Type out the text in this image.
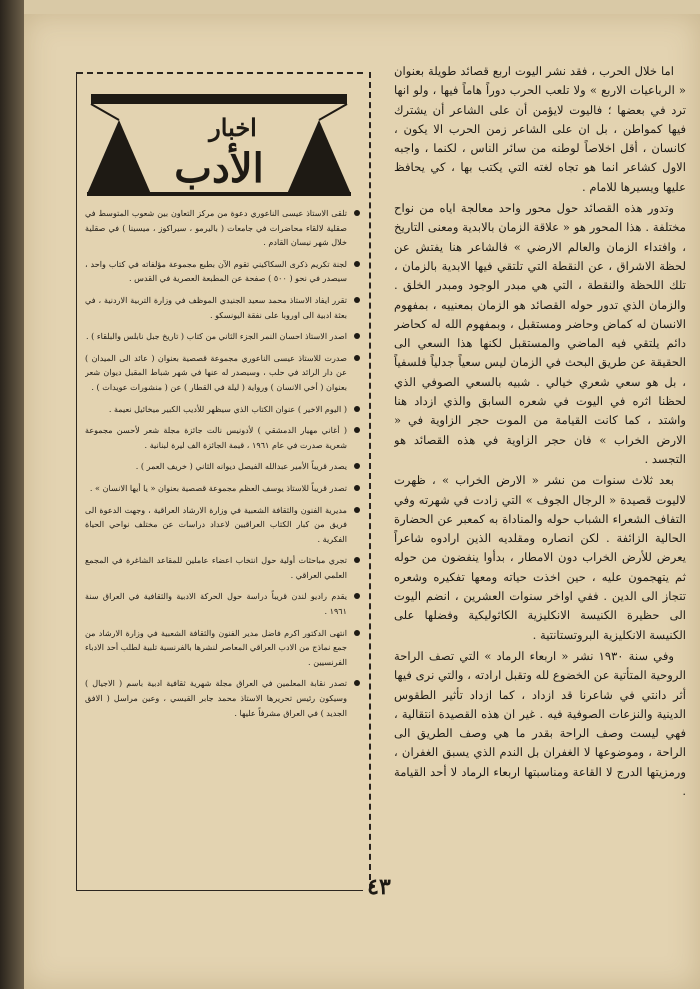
اما خلال الحرب ، فقد نشر اليوت اربع قصائد طويلة بعنوان « الرباعيات الاربع » ولا تلعب الحرب دوراً هاماً فيها ، ولو انها ترد في بعضها ؛ فاليوت لايؤمن أن على الشاعر أن يشترك فيها كمواطن ، بل ان على الشاعر زمن الحرب الا يكون ، كانسان ، أقل اخلاصاً لوطنه من سائر الناس ، لكنما ، واجبه الاول كشاعر انما هو تجاه لغته التي يكتب بها ، كي يحافظ عليها ويسيرها للامام .

وتدور هذه القصائد حول محور واحد معالجة اياه من نواح مختلفة . هذا المحور هو « علاقة الزمان بالابدية ومعنى التاريخ ، وافتداء الزمان والعالم الارضي » فالشاعر هنا يفتش عن لحظة الاشراق ، عن النقطة التي تلتقي فيها الابدية بالزمان ، تلك اللحظة والنقطة ، التي هي مبدر الوجود ومبدر الخلق . والزمان الذي تدور حوله القصائد هو الزمان بمعنييه ، بمفهوم الانسان له كماض وحاضر ومستقبل ، وبمفهوم الله له كحاضر دائم يلتقي فيه الماضي والمستقبل لكنها هذا السعي الى الحقيقة عن طريق البحث في الزمان ليس سعياً جدلياً فلسفياً ، بل هو سعي شعري خيالي . شبيه بالسعي الصوفي الذي لحظنا اثره في اليوت في شعره السابق والذي ازداد هنا واشتد ، كما كانت القيامة من الموت حجر الزاوية في « الارض الخراب » فان حجر الزاوية في هذه القصائد هو التجسد .

بعد ثلاث سنوات من نشر « الارض الخراب » ، ظهرت لاليوت قصيدة « الرجال الجوف » التي زادت في شهرته وفي التفاف الشعراء الشباب حوله والمناداة به كمعبر عن الحضارة الحالية الزائفة . لكن انصاره ومقلديه الذين ارادوه شاعراً يعرض للأرض الخراب دون الامطار ، بدأوا ينفضون من حوله ثم يتهجمون عليه ، حين اخذت حياته ومعها تفكيره وشعره تتجاز الى الدين . ففي اواخر سنوات العشرين ، انضم اليوت الى حظيرة الكنيسة الانكليزية الكاثوليكية وفضلها على الكنيسة الانكليزية البروتستانتية .

وفي سنة ١٩٣٠ نشر « اربعاء الرماد » التي تصف الراحة الروحية المتأتية عن الخضوع لله وتقبل ارادته ، والتي نرى فيها أثر دانتي في شاعرنا قد ازداد ، كما ازداد تأثير الطقوس الدينية والنزعات الصوفية فيه . غير ان هذه القصيدة انتقالية ، فهي ليست وصف الراحة بقدر ما هي وصف الطريق الى الراحة ، وموضوعها لا الغفران بل الندم الذي يسبق الغفران ، ورمزيتها الدرج لا القاعة ومناسبتها اربعاء الرماد لا أحد القيامة .

اخبار
الأدب
تلقى الاستاذ عيسى الناعوري دعوة من مركز التعاون بين شعوب المتوسط في صقلية لالقاء محاضرات في جامعات ( باليرمو ، سيراكوز ، ميسينا ) في صقلية خلال شهر نيسان القادم .
لجنة تكريم ذكرى السكاكيني تقوم الآن بطبع مجموعة مؤلفاته في كتاب واحد ، سيصدر في نحو ( ٥٠٠ ) صفحة عن المطبعة العصرية في القدس .
تقرر ايفاد الاستاذ محمد سعيد الجنيدي الموظف في وزارة التربية الاردنية ، في بعثة ادبية الى اوروبا على نفقة اليونسكو .
اصدر الاستاذ احسان النمر الجزء الثاني من كتاب ( تاريخ جبل نابلس والبلقاء ) .
صدرت للاستاذ عيسى الناعوري مجموعة قصصية بعنوان ( عائد الى الميدان ) عن دار الرائد في حلب ، وسيصدر له عنها في شهر شباط المقبل ديوان شعر بعنوان ( أخي الانسان ) ورواية ( ليلة في القطار ) عن ( منشورات عويدات ) .
( اليوم الاخير ) عنوان الكتاب الذي سيظهر للأديب الكبير ميخائيل نعيمة .
( أغاني مهيار الدمشقي ) لأدونيس نالت جائزة مجلة شعر لأحسن مجموعة شعرية صدرت في عام ١٩٦١ ، قيمة الجائزة الف ليرة لبنانية .
يصدر قريباً الأمير عبدالله الفيصل ديوانه الثاني ( خريف العمر ) .
تصدر قريباً للاستاذ يوسف العظم مجموعة قصصية بعنوان « يا أيها الانسان » .
مديرية الفنون والثقافة الشعبية في وزارة الارشاد العراقية ، وجهت الدعوة الى فريق من كبار الكتاب العراقيين لاعداد دراسات عن مختلف نواحي الحياة الفكرية .
تجري مباحثات أولية حول انتخاب اعضاء عاملين للمقاعد الشاغرة في المجمع العلمي العراقي .
يقدم راديو لندن قريباً دراسة حول الحركة الادبية والثقافية في العراق سنة ١٩٦١ .
انتهى الدكتور اكرم فاضل مدير الفنون والثقافة الشعبية في وزارة الارشاد من جمع نماذج من الادب العراقي المعاصر لنشرها بالفرنسية تلبية لطلب أحد الادباء الفرنسيين .
تصدر نقابة المعلمين في العراق مجلة شهرية ثقافية ادبية باسم ( الاجيال ) وسيكون رئيس تحريرها الاستاذ محمد جابر القيسي ، وعين مراسل ( الافق الجديد ) في العراق مشرفاً عليها .
٤٣
